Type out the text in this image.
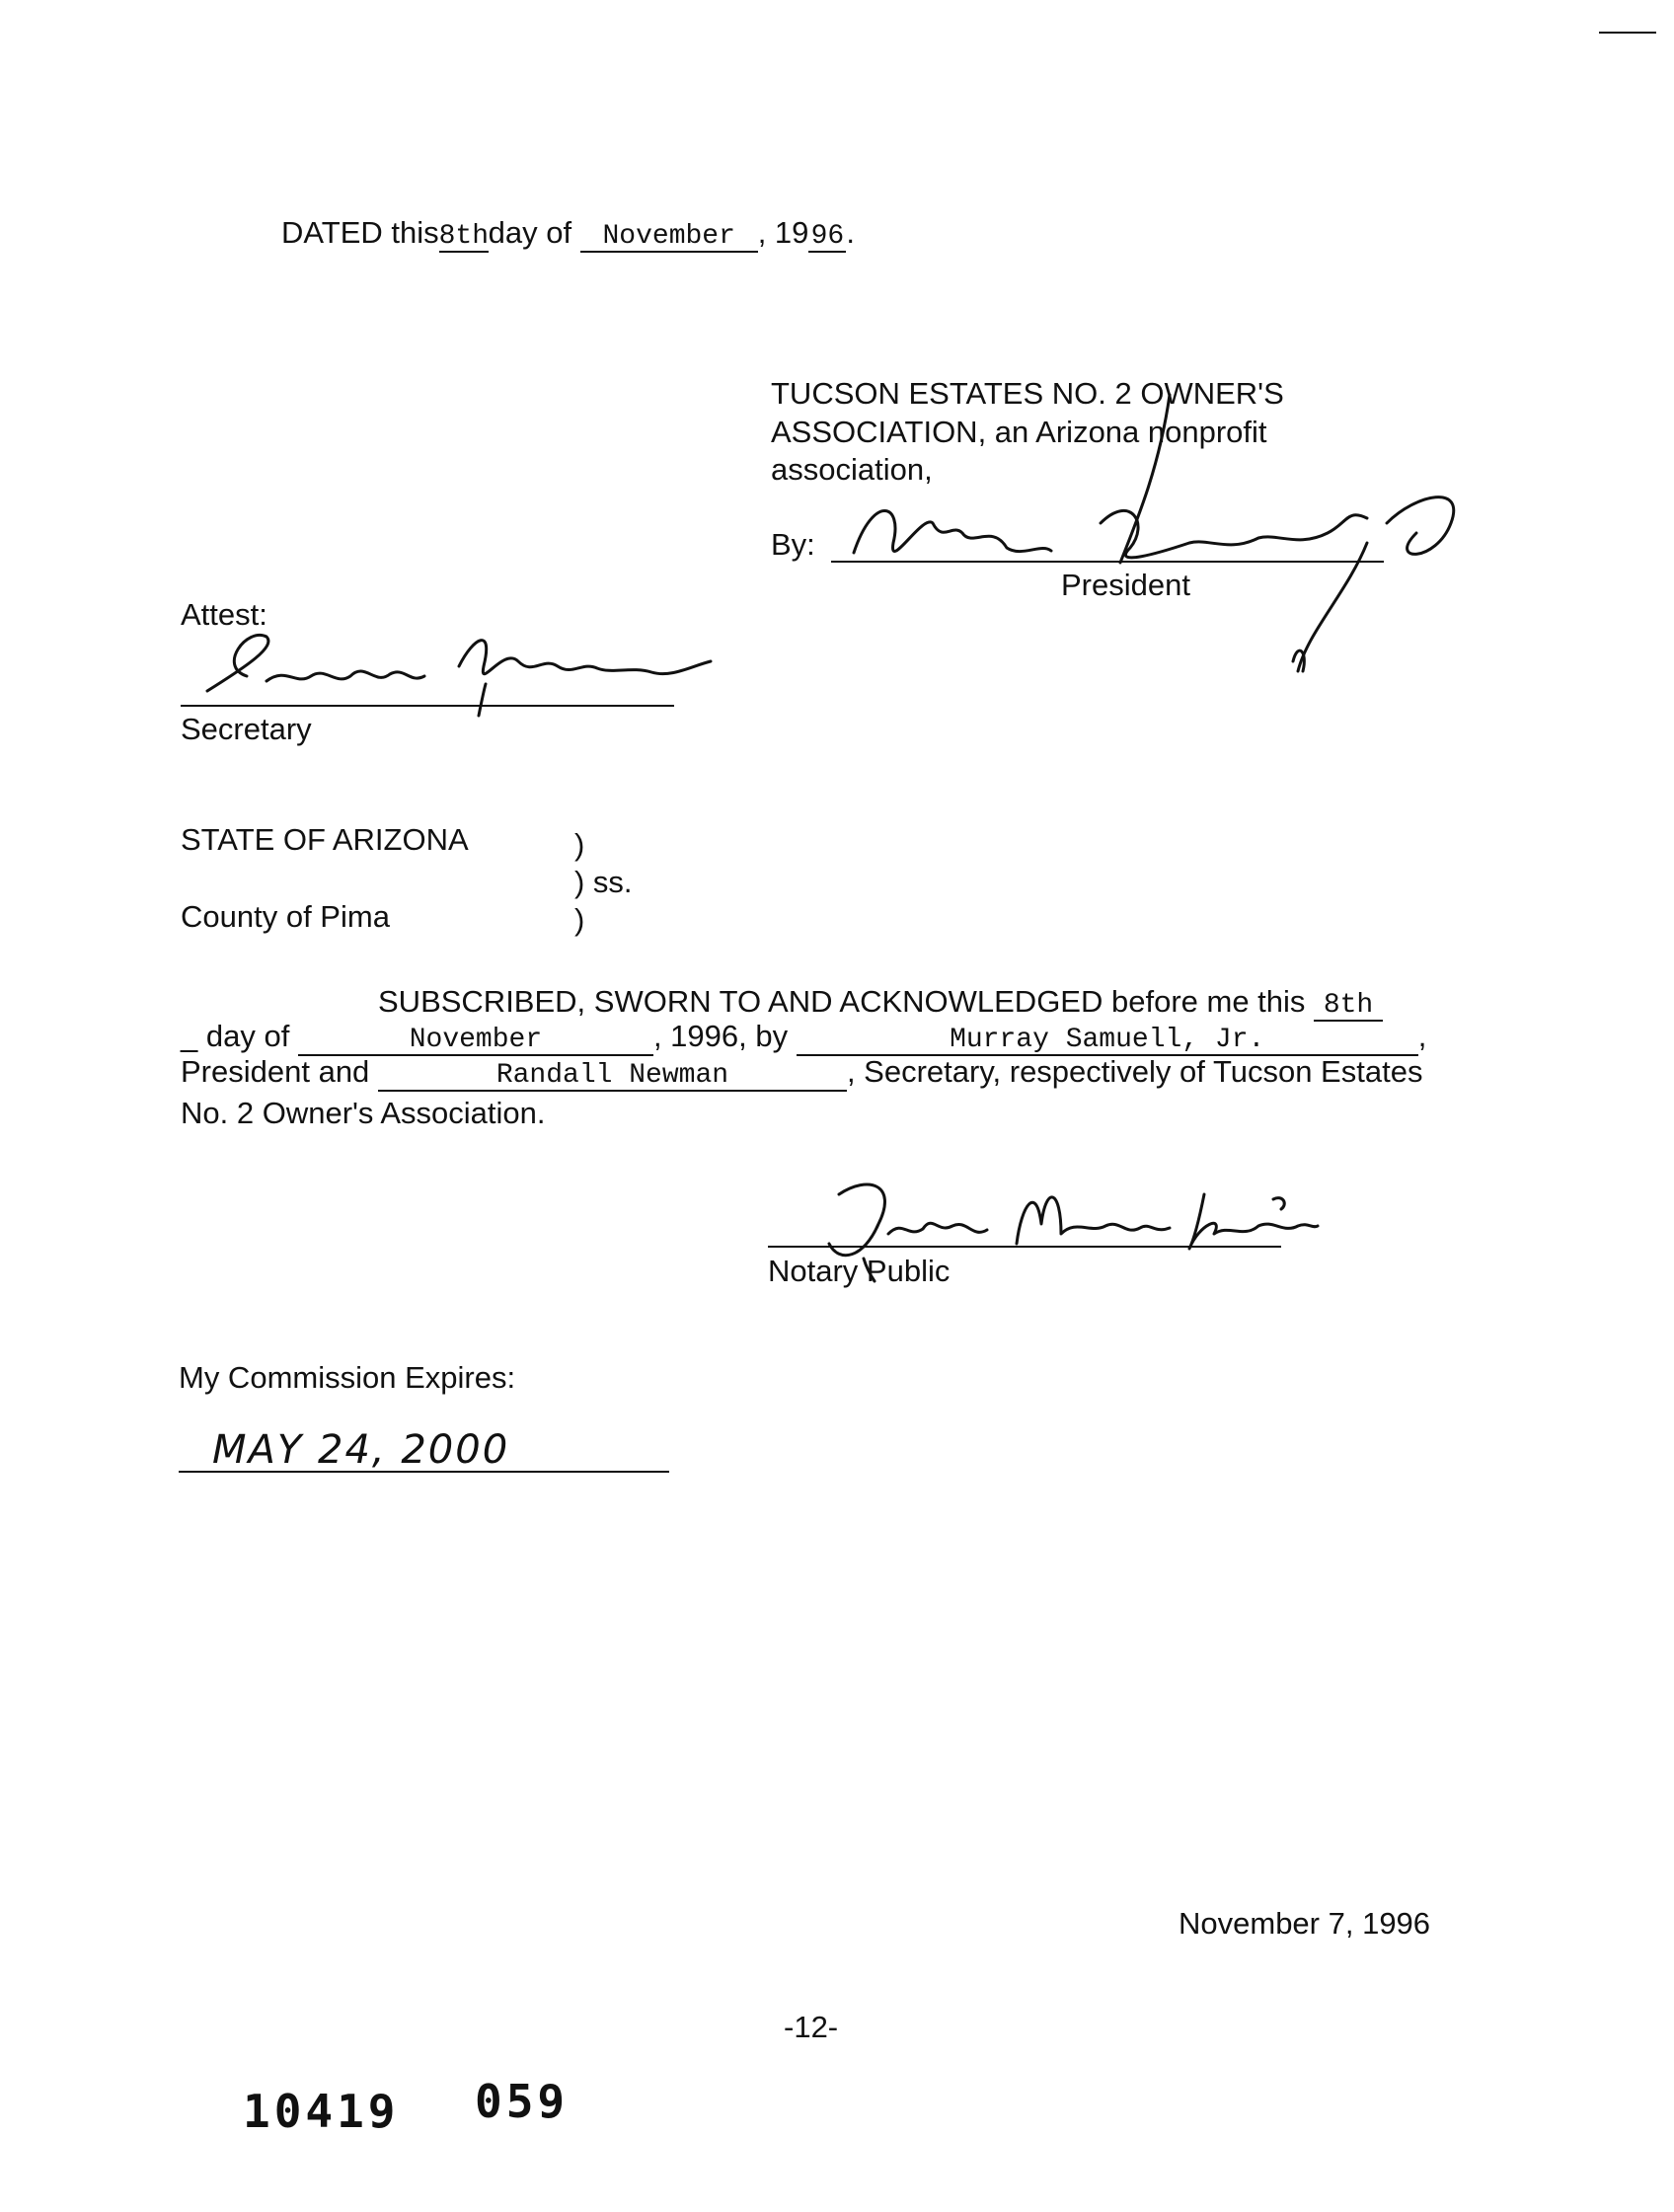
DATED this8thday of November , 1996.
TUCSON ESTATES NO. 2 OWNER'S
ASSOCIATION, an Arizona nonprofit
association,
By:
President
Attest:
Secretary
STATE OF ARIZONA	)
) ss.
County of Pima	)
SUBSCRIBED, SWORN TO AND ACKNOWLEDGED before me this 8th
_ day of	November	, 1996, by	Murray Samuell, Jr.	,
President and	Randall Newman	, Secretary, respectively of Tucson Estates
No. 2 Owner's Association.
Notary Public
My Commission Expires:
MAY 24, 2000
November 7, 1996
-12-
10419 059
